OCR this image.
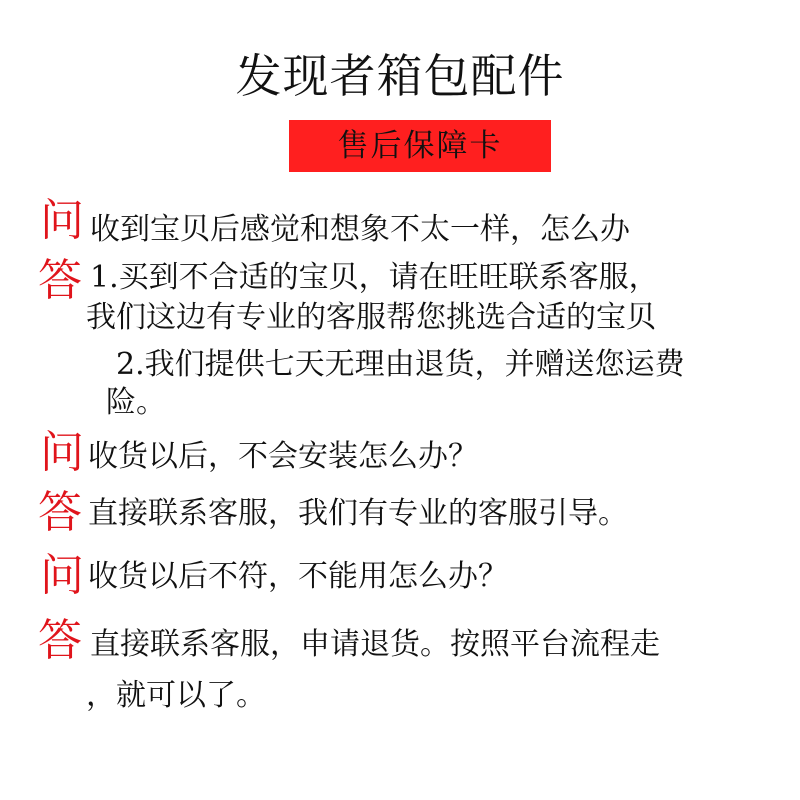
发现者箱包配件
售后保障卡
问 收到宝贝后感觉和想象不太一样，怎么办
答 1.买到不合适的宝贝，请在旺旺联系客服，
我们这边有专业的客服帮您挑选合适的宝贝
2.我们提供七天无理由退货，并赠送您运费
险。
问 收货以后，不会安装怎么办？
答 直接联系客服，我们有专业的客服引导。
问 收货以后不符，不能用怎么办？
答 直接联系客服，申请退货。按照平台流程走
，就可以了。
